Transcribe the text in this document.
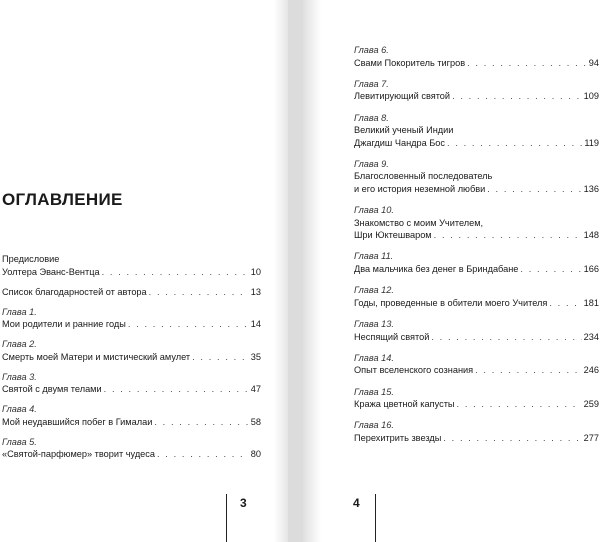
ОГЛАВЛЕНИЕ
Предисловие
Уолтера Эванс-Вентца . . .	10
Список благодарностей от автора . . .	13
Глава 1.
Мои родители и ранние годы . . .	14
Глава 2.
Смерть моей Матери и мистический амулет . . .	35
Глава 3.
Святой с двумя телами . . .	47
Глава 4.
Мой неудавшийся побег в Гималаи . . .	58
Глава 5.
«Святой-парфюмер» творит чудеса . . .	80
3
Глава 6.
Свами Покоритель тигров . . .	94
Глава 7.
Левитирующий святой . . .	109
Глава 8.
Великий ученый Индии
Джагдиш Чандра Бос . . .	119
Глава 9.
Благословенный последователь
и его история неземной любви . . .	136
Глава 10.
Знакомство с моим Учителем,
Шри Юктешваром . . .	148
Глава 11.
Два мальчика без денег в Бриндабане . . .	166
Глава 12.
Годы, проведенные в обители моего Учителя . . .	181
Глава 13.
Неспящий святой . . .	234
Глава 14.
Опыт вселенского сознания . . .	246
Глава 15.
Кража цветной капусты . . .	259
Глава 16.
Перехитрить звезды . . .	277
4
